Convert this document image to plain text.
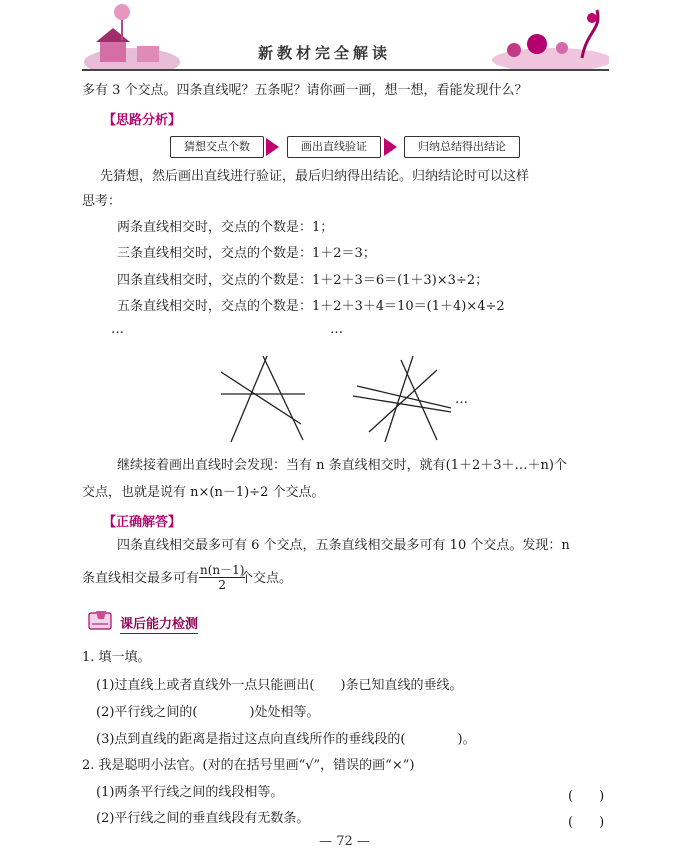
新教材完全解读
多有 3 个交点。四条直线呢？五条呢？请你画一画，想一想，看能发现什么？
【思路分析】
猜想交点个数	画出直线验证	归纳总结得出结论
先猜想，然后画出直线进行验证，最后归纳得出结论。归纳结论时可以这样
思考：
两条直线相交时，交点的个数是：1；
三条直线相交时，交点的个数是：1＋2＝3；
四条直线相交时，交点的个数是：1＋2＋3＝6＝(1＋3)×3÷2；
五条直线相交时，交点的个数是：1＋2＋3＋4＝10＝(1＋4)×4÷2
…	…
…
继续接着画出直线时会发现：当有 n 条直线相交时，就有(1＋2＋3＋…＋n)个
交点，也就是说有 n×(n－1)÷2 个交点。
【正确解答】
四条直线相交最多可有 6 个交点，五条直线相交最多可有 10 个交点。发现：n
条直线相交最多可有 $\frac{n(n-1)}{2}$
个交点。
课后能力检测
1. 填一填。
(1)过直线上或者直线外一点只能画出(　　)条已知直线的垂线。
(2)平行线之间的(　　　　)处处相等。
(3)点到直线的距离是指过这点向直线所作的垂线段的(　　　　)。
2. 我是聪明小法官。(对的在括号里画“√”，错误的画“×”)
(1)两条平行线之间的线段相等。	(　　)
(2)平行线之间的垂直线段有无数条。	(　　)
— 72 —
